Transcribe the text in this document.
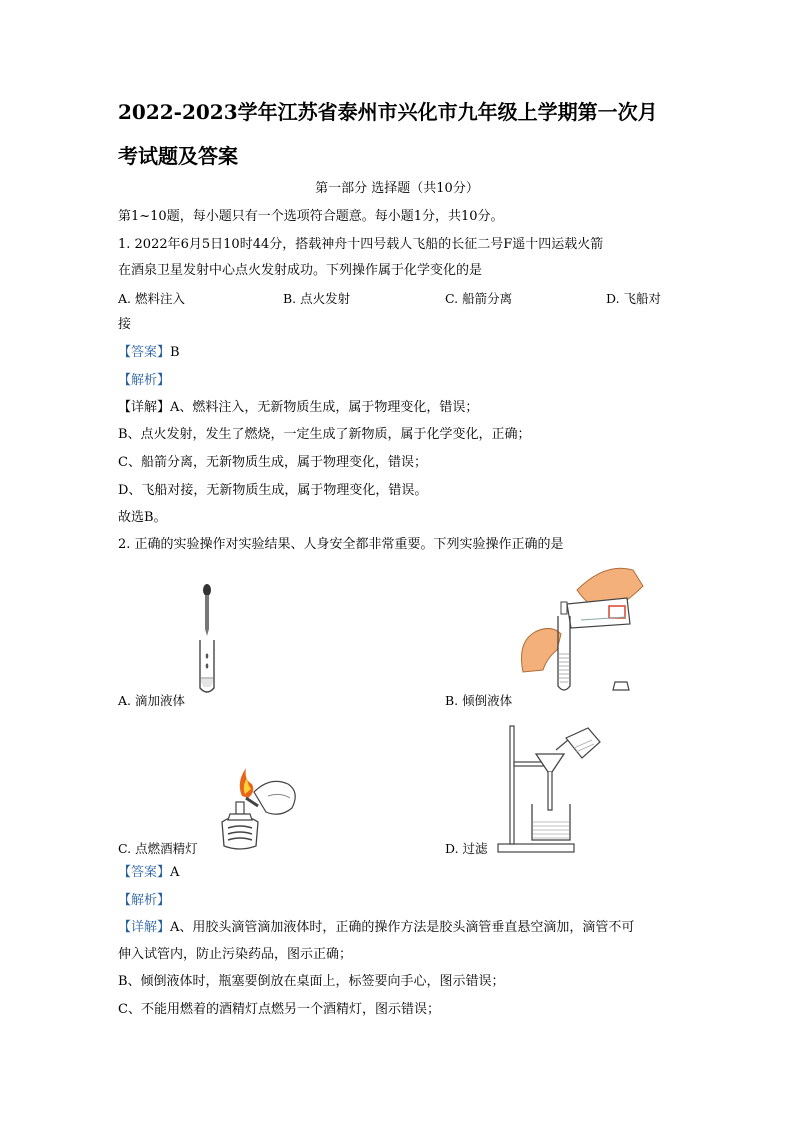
2022-2023学年江苏省泰州市兴化市九年级上学期第一次月
考试题及答案
第一部分 选择题（共10分）
第1~10题，每小题只有一个选项符合题意。每小题1分，共10分。
1. 2022年6月5日10时44分，搭载神舟十四号载人飞船的长征二号F遥十四运载火箭
在酒泉卫星发射中心点火发射成功。下列操作属于化学变化的是
A. 燃料注入	B. 点火发射	C. 船箭分离	D. 飞船对
接
【答案】B
【解析】
【详解】A、燃料注入，无新物质生成，属于物理变化，错误；
B、点火发射，发生了燃烧，一定生成了新物质，属于化学变化，正确；
C、船箭分离，无新物质生成，属于物理变化，错误；
D、飞船对接，无新物质生成，属于物理变化，错误。
故选B。
2. 正确的实验操作对实验结果、人身安全都非常重要。下列实验操作正确的是
A. 滴加液体	B. 倾倒液体
C. 点燃酒精灯	D. 过滤
【答案】A
【解析】
【详解】A、用胶头滴管滴加液体时，正确的操作方法是胶头滴管垂直悬空滴加，滴管不可
伸入试管内，防止污染药品，图示正确；
B、倾倒液体时，瓶塞要倒放在桌面上，标签要向手心，图示错误；
C、不能用燃着的酒精灯点燃另一个酒精灯，图示错误；
